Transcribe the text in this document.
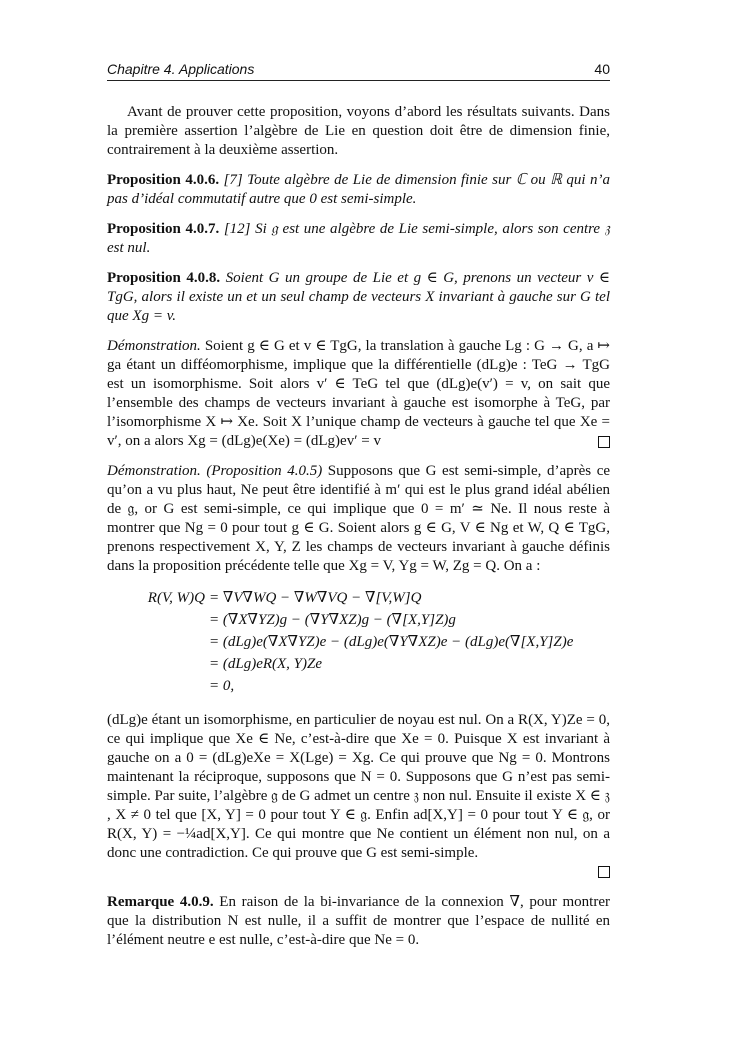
Chapitre 4. Applications	40

Avant de prouver cette proposition, voyons d’abord les résultats suivants. Dans la première assertion l’algèbre de Lie en question doit être de dimension finie, contrairement à la deuxième assertion.

Proposition 4.0.6. [7] Toute algèbre de Lie de dimension finie sur ℂ ou ℝ qui n’a pas d’idéal commutatif autre que 0 est semi-simple.

Proposition 4.0.7. [12] Si 𝔤 est une algèbre de Lie semi-simple, alors son centre 𝔷 est nul.

Proposition 4.0.8. Soient G un groupe de Lie et g ∈ G, prenons un vecteur v ∈ TgG, alors il existe un et un seul champ de vecteurs X invariant à gauche sur G tel que Xg = v.

Démonstration. Soient g ∈ G et v ∈ TgG, la translation à gauche Lg : G → G, a ↦ ga étant un difféomorphisme, implique que la différentielle (dLg)e : TeG → TgG est un isomorphisme. Soit alors v′ ∈ TeG tel que (dLg)e(v′) = v, on sait que l’ensemble des champs de vecteurs invariant à gauche est isomorphe à TeG, par l’isomorphisme X ↦ Xe. Soit X l’unique champ de vecteurs à gauche tel que Xe = v′, on a alors Xg = (dLg)e(Xe) = (dLg)ev′ = v

Démonstration. (Proposition 4.0.5) Supposons que G est semi-simple, d’après ce qu’on a vu plus haut, Ne peut être identifié à m′ qui est le plus grand idéal abélien de 𝔤, or G est semi-simple, ce qui implique que 0 = m′ ≃ Ne. Il nous reste à montrer que Ng = 0 pour tout g ∈ G. Soient alors g ∈ G, V ∈ Ng et W, Q ∈ TgG, prenons respectivement X, Y, Z les champs de vecteurs invariant à gauche définis dans la proposition précédente telle que Xg = V, Yg = W, Zg = Q. On a :

R(V, W)Q = ∇V∇WQ − ∇W∇VQ − ∇[V,W]Q
= (∇X∇YZ)g − (∇Y∇XZ)g − (∇[X,Y]Z)g
= (dLg)e(∇X∇YZ)e − (dLg)e(∇Y∇XZ)e − (dLg)e(∇[X,Y]Z)e
= (dLg)eR(X, Y)Ze
= 0,

(dLg)e étant un isomorphisme, en particulier de noyau est nul. On a R(X, Y)Ze = 0, ce qui implique que Xe ∈ Ne, c’est-à-dire que Xe = 0. Puisque X est invariant à gauche on a 0 = (dLg)eXe = X(Lge) = Xg. Ce qui prouve que Ng = 0. Montrons maintenant la réciproque, supposons que N = 0. Supposons que G n’est pas semi-simple. Par suite, l’algèbre 𝔤 de G admet un centre 𝔷 non nul. Ensuite il existe X ∈ 𝔷 , X ≠ 0 tel que [X, Y] = 0 pour tout Y ∈ 𝔤. Enfin ad[X,Y] = 0 pour tout Y ∈ 𝔤, or R(X, Y) = −¼ad[X,Y]. Ce qui montre que Ne contient un élément non nul, on a donc une contradiction. Ce qui prouve que G est semi-simple.

Remarque 4.0.9. En raison de la bi-invariance de la connexion ∇, pour montrer que la distribution N est nulle, il a suffit de montrer que l’espace de nullité en l’élément neutre e est nulle, c’est-à-dire que Ne = 0.
